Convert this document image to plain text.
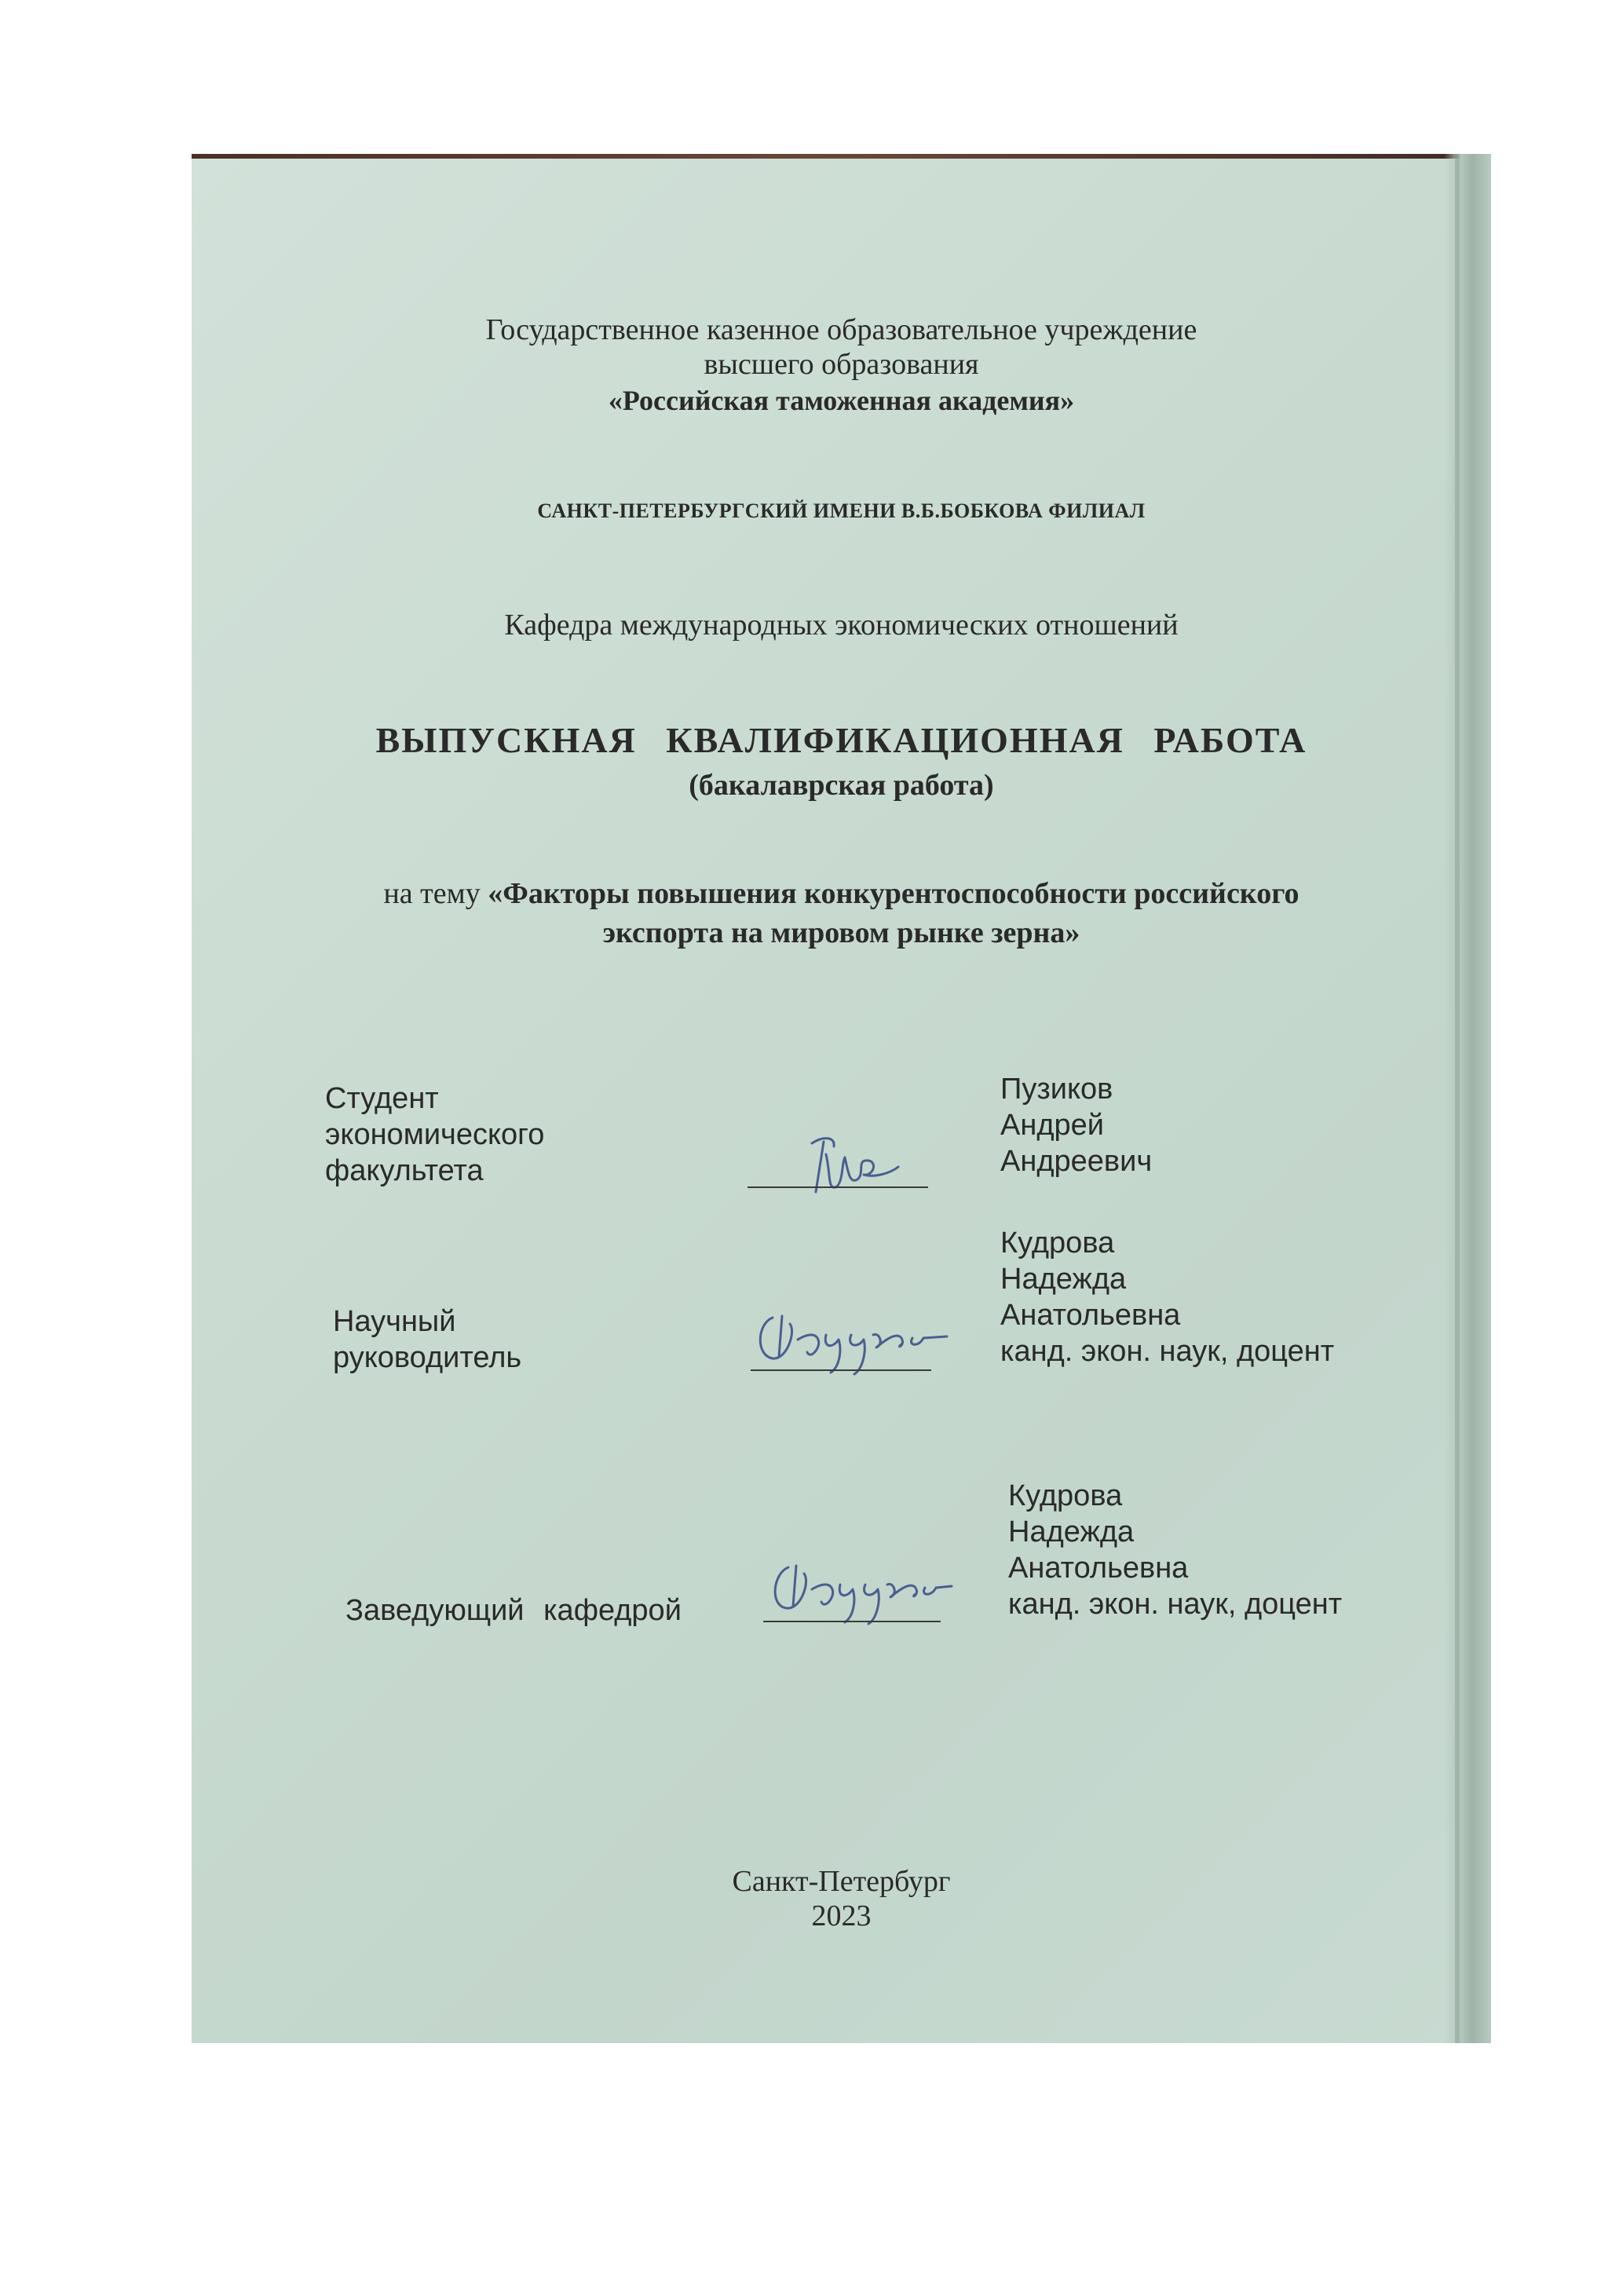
Государственное казенное образовательное учреждение
высшего образования
«Российская таможенная академия»
САНКТ-ПЕТЕРБУРГСКИЙ ИМЕНИ В.Б.БОБКОВА ФИЛИАЛ
Кафедра международных экономических отношений
ВЫПУСКНАЯ КВАЛИФИКАЦИОННАЯ РАБОТА
(бакалаврская работа)
на тему «Факторы повышения конкурентоспособности российского
экспорта на мировом рынке зерна»
Студент
экономического
факультета
Пуз
Пузиков
Андрей
Андреевич
Научный
руководитель
Кудрова
Кудрова
Надежда
Анатольевна
канд. экон. наук, доцент
Заведующий кафедрой
Кудрова
Кудрова
Надежда
Анатольевна
канд. экон. наук, доцент
Санкт-Петербург
2023
